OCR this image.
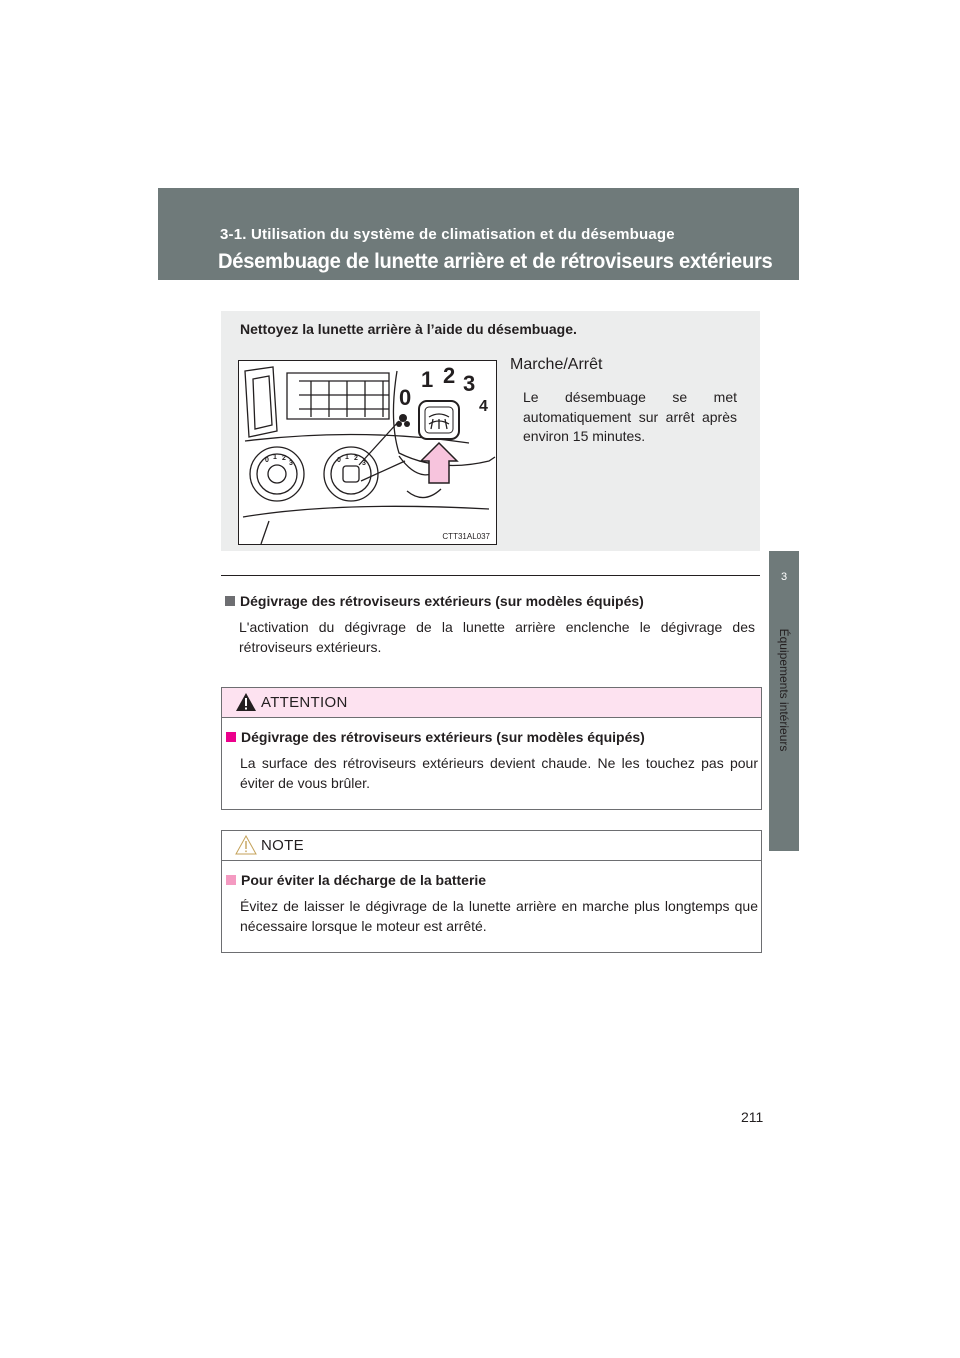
3-1. Utilisation du système de climatisation et du désembuage
Désembuage de lunette arrière et de rétroviseurs extérieurs
3
Équipements intérieurs
Nettoyez la lunette arrière à l’aide du désembuage.
0 1 2
3	0 1 2
3
0
1 2 3
4
CTT31AL037
Marche/Arrêt
Le désembuage se met automatiquement sur arrêt après environ 15 minutes.
Dégivrage des rétroviseurs extérieurs (sur modèles équipés)
L'activation du dégivrage de la lunette arrière enclenche le dégivrage des rétroviseurs extérieurs.
ATTENTION
Dégivrage des rétroviseurs extérieurs (sur modèles équipés)
La surface des rétroviseurs extérieurs devient chaude. Ne les touchez pas pour éviter de vous brûler.
NOTE
Pour éviter la décharge de la batterie
Évitez de laisser le dégivrage de la lunette arrière en marche plus longtemps que nécessaire lorsque le moteur est arrêté.
211
